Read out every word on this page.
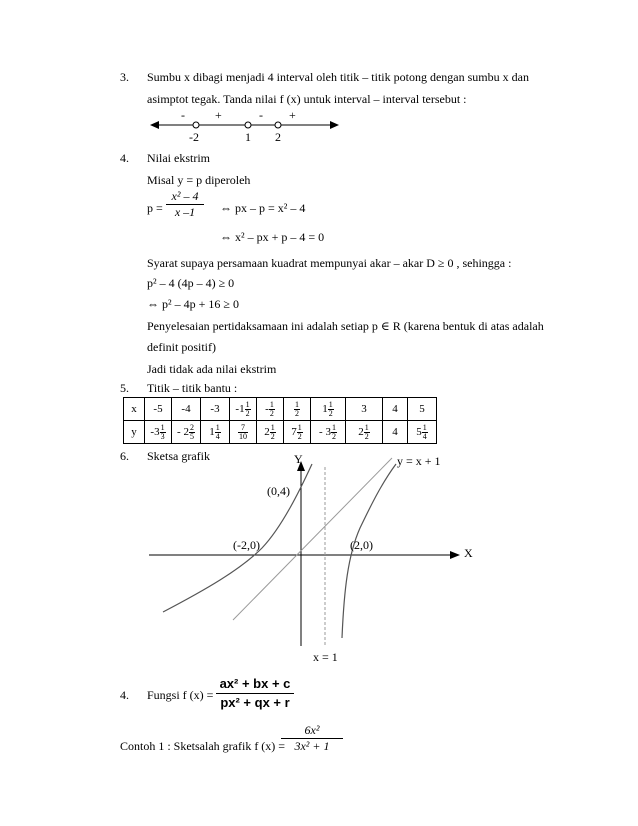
3. Sumbu x dibagi menjadi 4 interval oleh titik – titik potong dengan sumbu x dan
asimptot tegak. Tanda nilai f (x) untuk interval – interval tersebut :
-	+	- +
-2	1 2
4. Nilai ekstrim
Misal y = p diperoleh
p =
x² – 4
x –1	⇔ px – p = x² – 4
⇔ x² – px + p – 4 = 0
Syarat supaya persamaan kuadrat mempunyai akar – akar D ≥ 0 , sehingga :
p² – 4 (4p – 4) ≥ 0
⇔ p² – 4p + 16 ≥ 0
Penyelesaian pertidaksamaan ini adalah setiap p ∈ R (karena bentuk di atas adalah
definit positif)
Jadi tidak ada nilai ekstrim
5. Titik – titik bantu :
x	-5	-4	-3	$-1 \frac{1}{2}$	- $\frac{1}{2}$	$\frac{1}{2}$	$1 \frac{1}{2}$	3	4	5
y	$-3 \frac{1}{3}$	- $2 \frac{2}{5}$	$1 \frac{1}{4}$	$\frac{7}{10}$	$2 \frac{1}{2}$	$7 \frac{1}{2}$	- $3 \frac{1}{2}$	$2 \frac{1}{2}$	4	$5 \frac{1}{4}$
6. Sketsa grafik	Y
X
y = x + 1
x = 1
(0,4)
(-2,0)	(2,0)
4. Fungsi f (x) =
ax² + bx + c
px² + qx + r
Contoh 1 : Sketsalah grafik f (x) =
6x²
3x² + 1
